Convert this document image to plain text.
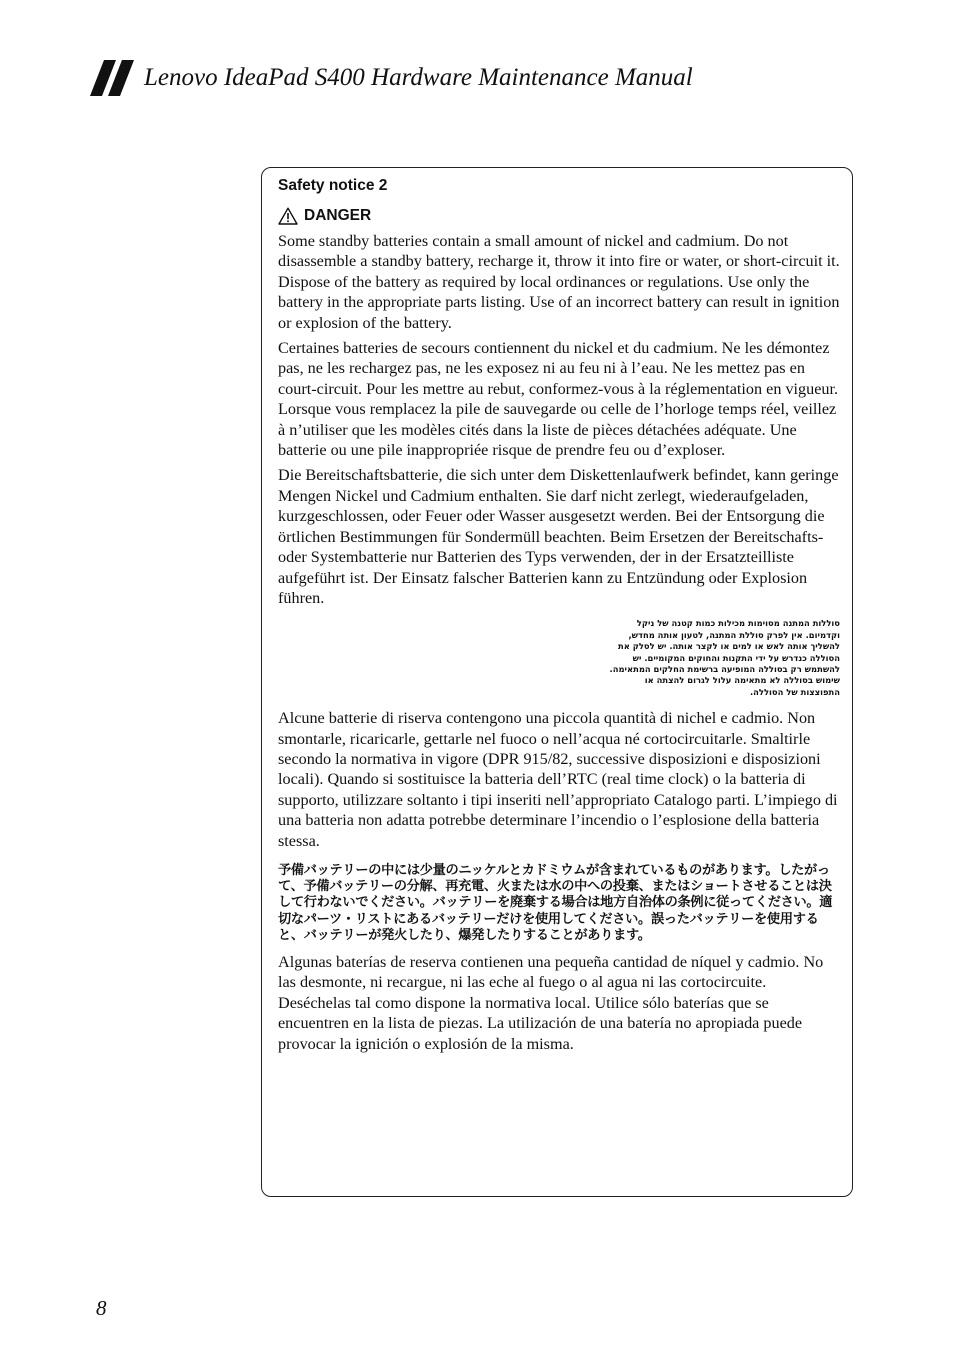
Lenovo IdeaPad S400 Hardware Maintenance Manual
Safety notice 2
DANGER

Some standby batteries contain a small amount of nickel and cadmium. Do not disassemble a standby battery, recharge it, throw it into fire or water, or short-circuit it. Dispose of the battery as required by local ordinances or regulations. Use only the battery in the appropriate parts listing. Use of an incorrect battery can result in ignition or explosion of the battery.

Certaines batteries de secours contiennent du nickel et du cadmium. Ne les démontez pas, ne les rechargez pas, ne les exposez ni au feu ni à l’eau. Ne les mettez pas en court-circuit. Pour les mettre au rebut, conformez-vous à la réglementation en vigueur. Lorsque vous remplacez la pile de sauvegarde ou celle de l’horloge temps réel, veillez à n’utiliser que les modèles cités dans la liste de pièces détachées adéquate. Une batterie ou une pile inappropriée risque de prendre feu ou d’exploser.

Die Bereitschaftsbatterie, die sich unter dem Diskettenlaufwerk befindet, kann geringe Mengen Nickel und Cadmium enthalten. Sie darf nicht zerlegt, wiederaufgeladen, kurzgeschlossen, oder Feuer oder Wasser ausgesetzt werden. Bei der Entsorgung die örtlichen Bestimmungen für Sondermüll beachten. Beim Ersetzen der Bereitschafts-oder Systembatterie nur Batterien des Typs verwenden, der in der Ersatzteilliste aufgeführt ist. Der Einsatz falscher Batterien kann zu Entzündung oder Explosion führen.

סוללות המתנה מסוימות מכילות כמות קטנה של ניקל וקדמיום. אין לפרק סוללת המתנה, לטעון אותה מחדש, להשליך אותה לאש או למים או לקצר אותה. יש לסלק את הסוללה כנדרש על ידי התקנות והחוקים המקומיים. יש להשתמש רק בסוללה המופיעה ברשימת החלקים המתאימה. שימוש בסוללה לא מתאימה עלול לגרום להצתה או התפוצצות של הסוללה.

Alcune batterie di riserva contengono una piccola quantità di nichel e cadmio. Non smontarle, ricaricarle, gettarle nel fuoco o nell’acqua né cortocircuitarle. Smaltirle secondo la normativa in vigore (DPR 915/82, successive disposizioni e disposizioni locali). Quando si sostituisce la batteria dell’RTC (real time clock) o la batteria di supporto, utilizzare soltanto i tipi inseriti nell’appropriato Catalogo parti. L’impiego di una batteria non adatta potrebbe determinare l’incendio o l’esplosione della batteria stessa.

予備バッテリーの中には少量のニッケルとカドミウムが含まれているものがあります。したがって、予備バッテリーの分解、再充電、火または水の中への投棄、またはショートさせることは決して行わないでください。バッテリーを廃棄する場合は地方自治体の条例に従ってください。適切なパーツ・リストにあるバッテリーだけを使用してください。誤ったバッテリーを使用すると、バッテリーが発火したり、爆発したりすることがあります。

Algunas baterías de reserva contienen una pequeña cantidad de níquel y cadmio. No las desmonte, ni recargue, ni las eche al fuego o al agua ni las cortocircuite. Deséchelas tal como dispone la normativa local. Utilice sólo baterías que se encuentren en la lista de piezas. La utilización de una batería no apropiada puede provocar la ignición o explosión de la misma.

8
